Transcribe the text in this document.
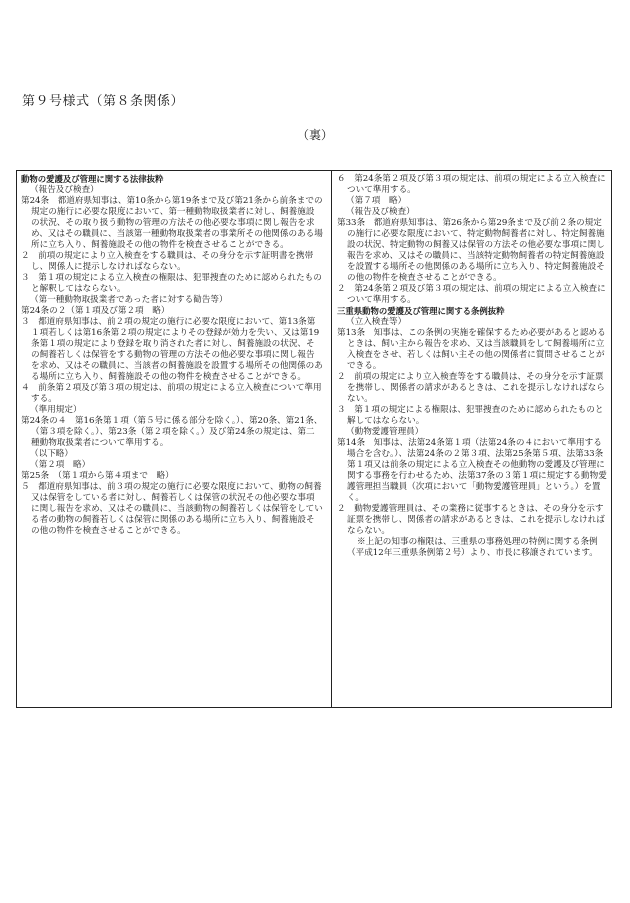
第９号様式（第８条関係）
（裏）

動物の愛護及び管理に関する法律抜粋

（報告及び検査）

第24条　都道府県知事は、第10条から第19条まで及び第21条から前条までの規定の施行に必要な限度において、第一種動物取扱業者に対し、飼養施設の状況、その取り扱う動物の管理の方法その他必要な事項に関し報告を求め、又はその職員に、当該第一種動物取扱業者の事業所その他関係のある場所に立ち入り、飼養施設その他の物件を検査させることができる。

２　前項の規定により立入検査をする職員は、その身分を示す証明書を携帯し、関係人に提示しなければならない。

３　第１項の規定による立入検査の権限は、犯罪捜査のために認められたものと解釈してはならない。

（第一種動物取扱業者であった者に対する勧告等）

第24条の２（第１項及び第２項　略）

３　都道府県知事は、前２項の規定の施行に必要な限度において、第13条第１項若しくは第16条第２項の規定によりその登録が効力を失い、又は第19条第１項の規定により登録を取り消された者に対し、飼養施設の状況、その飼養若しくは保管をする動物の管理の方法その他必要な事項に関し報告を求め、又はその職員に、当該者の飼養施設を設置する場所その他関係のある場所に立ち入り、飼養施設その他の物件を検査させることができる。

４　前条第２項及び第３項の規定は、前項の規定による立入検査について準用する。

（準用規定）

第24条の４　第16条第１項（第５号に係る部分を除く。）、第20条、第21条、（第３項を除く。）、第23条（第２項を除く。）及び第24条の規定は、第二種動物取扱業者について準用する。

（以下略）

（第２項　略）

第25条　（第１項から第４項まで　略）

５　都道府県知事は、前３項の規定の施行に必要な限度において、動物の飼養又は保管をしている者に対し、飼養若しくは保管の状況その他必要な事項に関し報告を求め、又はその職員に、当該動物の飼養若しくは保管をしている者の動物の飼養若しくは保管に関係のある場所に立ち入り、飼養施設その他の物件を検査させることができる。

６　第24条第２項及び第３項の規定は、前項の規定による立入検査について準用する。

（第７項　略）

（報告及び検査）

第33条　都道府県知事は、第26条から第29条まで及び前２条の規定の施行に必要な限度において、特定動物飼養者に対し、特定飼養施設の状況、特定動物の飼養又は保管の方法その他必要な事項に関し報告を求め、又はその職員に、当該特定動物飼養者の特定飼養施設を設置する場所その他関係のある場所に立ち入り、特定飼養施設その他の物件を検査させることができる。

２　第24条第２項及び第３項の規定は、前項の規定による立入検査について準用する。

三重県動物の愛護及び管理に関する条例抜粋

（立入検査等）

第13条　知事は、この条例の実施を確保するため必要があると認めるときは、飼い主から報告を求め、又は当該職員をして飼養場所に立入検査をさせ、若しくは飼い主その他の関係者に質問させることができる。

２　前項の規定により立入検査等をする職員は、その身分を示す証票を携帯し、関係者の請求があるときは、これを提示しなければならない。

３　第１項の規定による権限は、犯罪捜査のために認められたものと解してはならない。

（動物愛護管理員）

第14条　知事は、法第24条第１項（法第24条の４において準用する場合を含む。）、法第24条の２第３項、法第25条第５項、法第33条第１項又は前条の規定による立入検査その他動物の愛護及び管理に関する事務を行わせるため、法第37条の３第１項に規定する動物愛護管理担当職員（次項において「動物愛護管理員」という。）を置く。

２　動物愛護管理員は、その業務に従事するときは、その身分を示す証票を携帯し、関係者の請求があるときは、これを提示しなければならない。

※上記の知事の権限は、三重県の事務処理の特例に関する条例（平成12年三重県条例第２号）より、市長に移譲されています。
